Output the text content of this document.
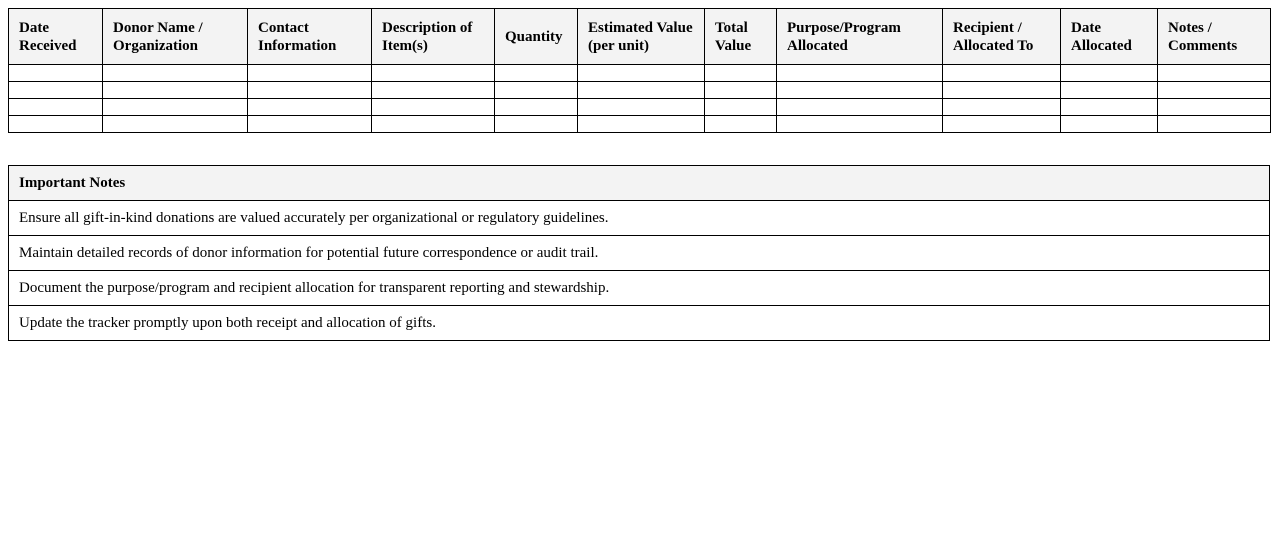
Date Received	Donor Name / Organization	Contact Information	Description of Item(s)	Quantity	Estimated Value (per unit)	Total Value	Purpose/Program Allocated	Recipient / Allocated To	Date Allocated	Notes / Comments

Important Notes
Ensure all gift-in-kind donations are valued accurately per organizational or regulatory guidelines.
Maintain detailed records of donor information for potential future correspondence or audit trail.
Document the purpose/program and recipient allocation for transparent reporting and stewardship.
Update the tracker promptly upon both receipt and allocation of gifts.
